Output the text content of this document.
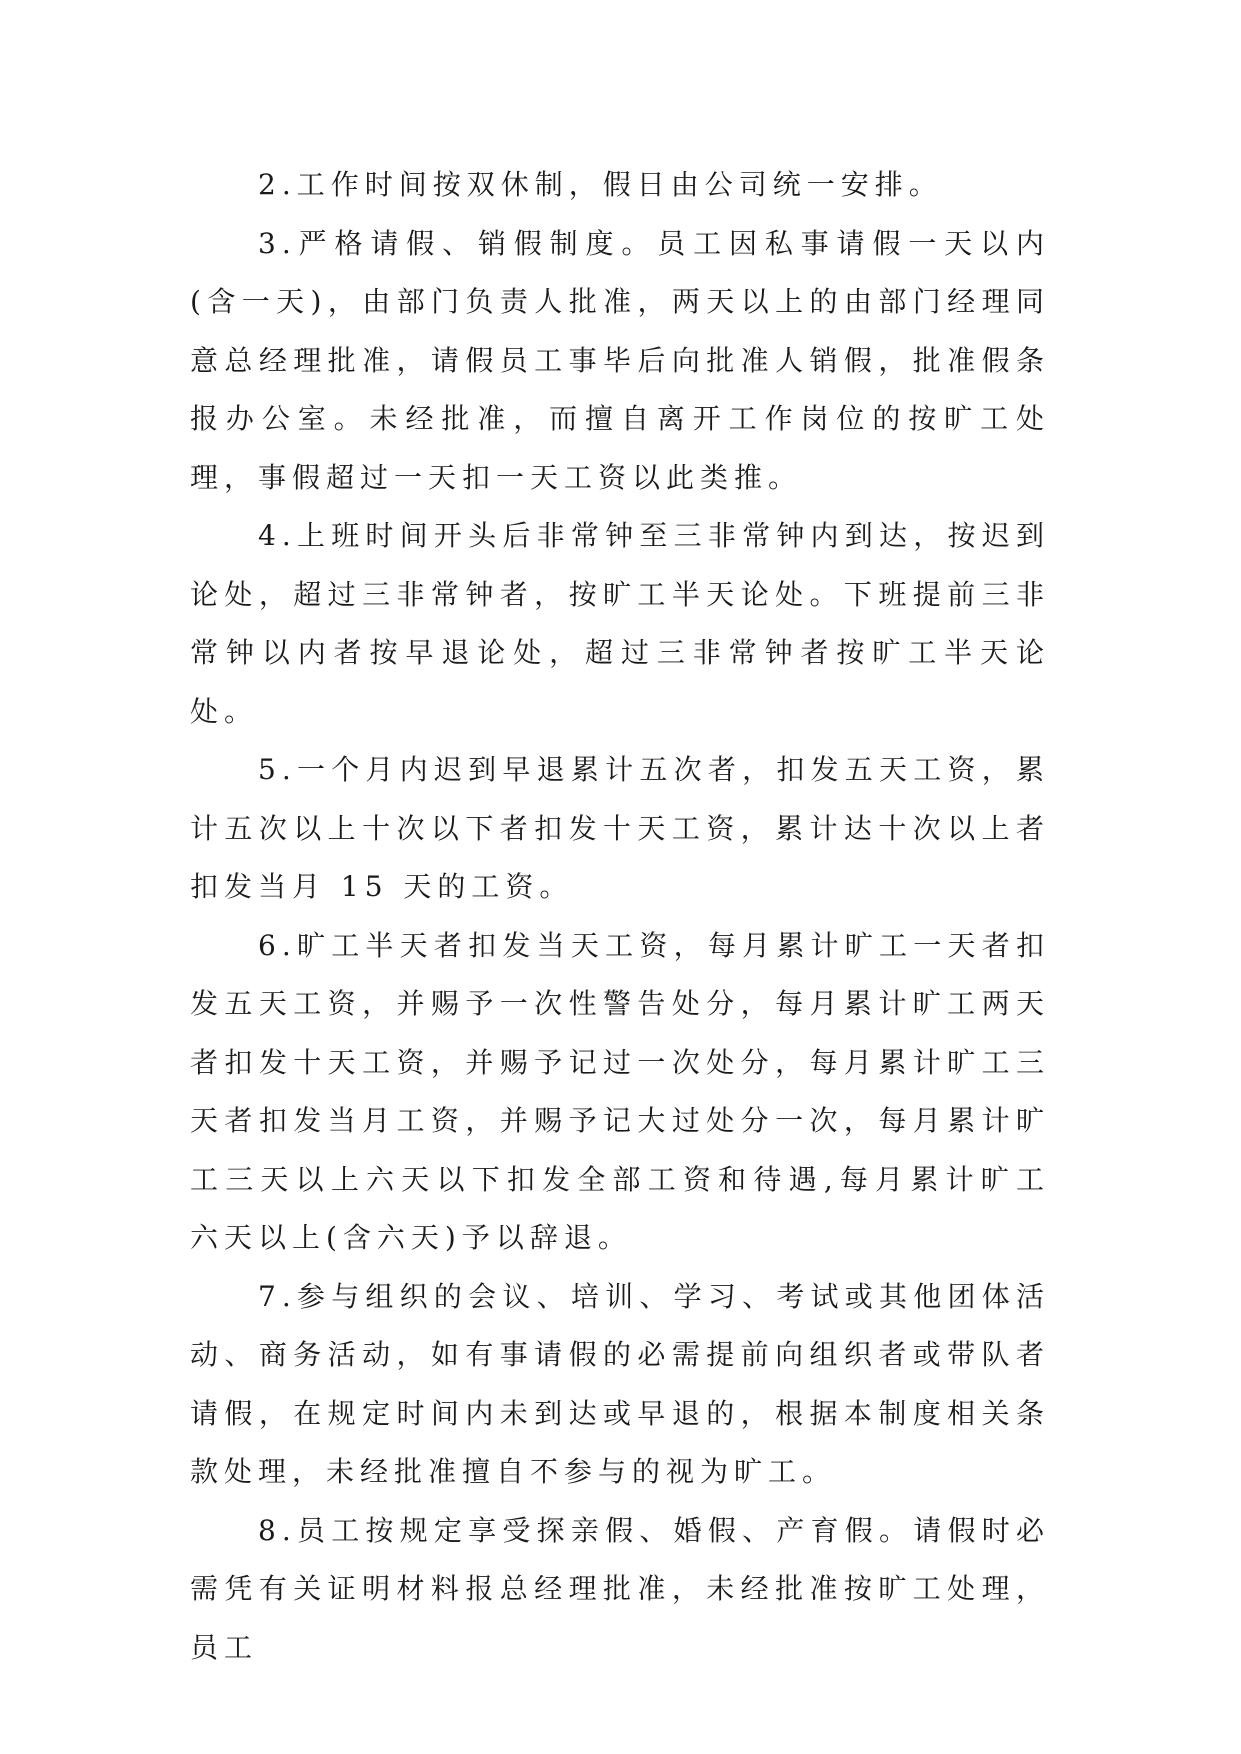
2.工作时间按双休制，假日由公司统一安排。

3.严格请假、销假制度。员工因私事请假一天以内(含一天)，由部门负责人批准，两天以上的由部门经理同意总经理批准，请假员工事毕后向批准人销假，批准假条报办公室。未经批准，而擅自离开工作岗位的按旷工处理，事假超过一天扣一天工资以此类推。

4.上班时间开头后非常钟至三非常钟内到达，按迟到论处，超过三非常钟者，按旷工半天论处。下班提前三非常钟以内者按早退论处，超过三非常钟者按旷工半天论处。

5.一个月内迟到早退累计五次者，扣发五天工资，累计五次以上十次以下者扣发十天工资，累计达十次以上者扣发当月 15 天的工资。

6.旷工半天者扣发当天工资，每月累计旷工一天者扣发五天工资，并赐予一次性警告处分，每月累计旷工两天者扣发十天工资，并赐予记过一次处分，每月累计旷工三天者扣发当月工资，并赐予记大过处分一次，每月累计旷工三天以上六天以下扣发全部工资和待遇,每月累计旷工六天以上(含六天)予以辞退。

7.参与组织的会议、培训、学习、考试或其他团体活动、商务活动，如有事请假的必需提前向组织者或带队者请假，在规定时间内未到达或早退的，根据本制度相关条款处理，未经批准擅自不参与的视为旷工。

8.员工按规定享受探亲假、婚假、产育假。请假时必需凭有关证明材料报总经理批准，未经批准按旷工处理，员工
